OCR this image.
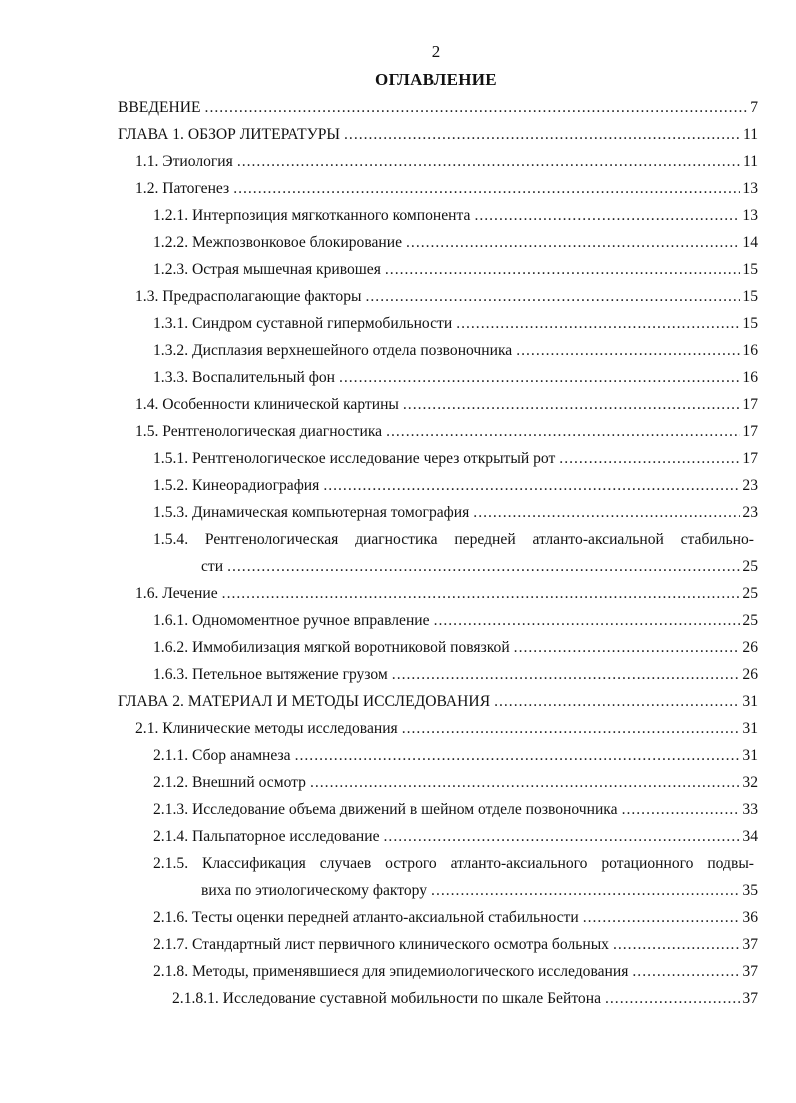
2
ОГЛАВЛЕНИЕ
ВВЕДЕНИЕ .....	7
ГЛАВА 1. ОБЗОР ЛИТЕРАТУРЫ .....	11
1.1. Этиология .....	11
1.2. Патогенез .....	13
1.2.1. Интерпозиция мягкотканного компонента .....	13
1.2.2. Межпозвонковое блокирование .....	14
1.2.3. Острая мышечная кривошея .....	15
1.3. Предрасполагающие факторы .....	15
1.3.1. Синдром суставной гипермобильности .....	15
1.3.2. Дисплазия верхнешейного отдела позвоночника .....	16
1.3.3. Воспалительный фон .....	16
1.4. Особенности клинической картины .....	17
1.5. Рентгенологическая диагностика .....	17
1.5.1. Рентгенологическое исследование через открытый рот .....	17
1.5.2. Кинеорадиография .....	23
1.5.3. Динамическая компьютерная томография .....	23
1.5.4. Рентгенологическая диагностика передней атланто-аксиальной стабильно-
сти .....	25
1.6. Лечение .....	25
1.6.1. Одномоментное ручное вправление .....	25
1.6.2. Иммобилизация мягкой воротниковой повязкой .....	26
1.6.3. Петельное вытяжение грузом .....	26
ГЛАВА 2. МАТЕРИАЛ И МЕТОДЫ ИССЛЕДОВАНИЯ .....	31
2.1. Клинические методы исследования .....	31
2.1.1. Сбор анамнеза .....	31
2.1.2. Внешний осмотр .....	32
2.1.3. Исследование объема движений в шейном отделе позвоночника .....	33
2.1.4. Пальпаторное исследование .....	34
2.1.5. Классификация случаев острого атланто-аксиального ротационного подвы-
виха по этиологическому фактору .....	35
2.1.6. Тесты оценки передней атланто-аксиальной стабильности .....	36
2.1.7. Стандартный лист первичного клинического осмотра больных .....	37
2.1.8. Методы, применявшиеся для эпидемиологического исследования .....	37
2.1.8.1. Исследование суставной мобильности по шкале Бейтона .....	37
